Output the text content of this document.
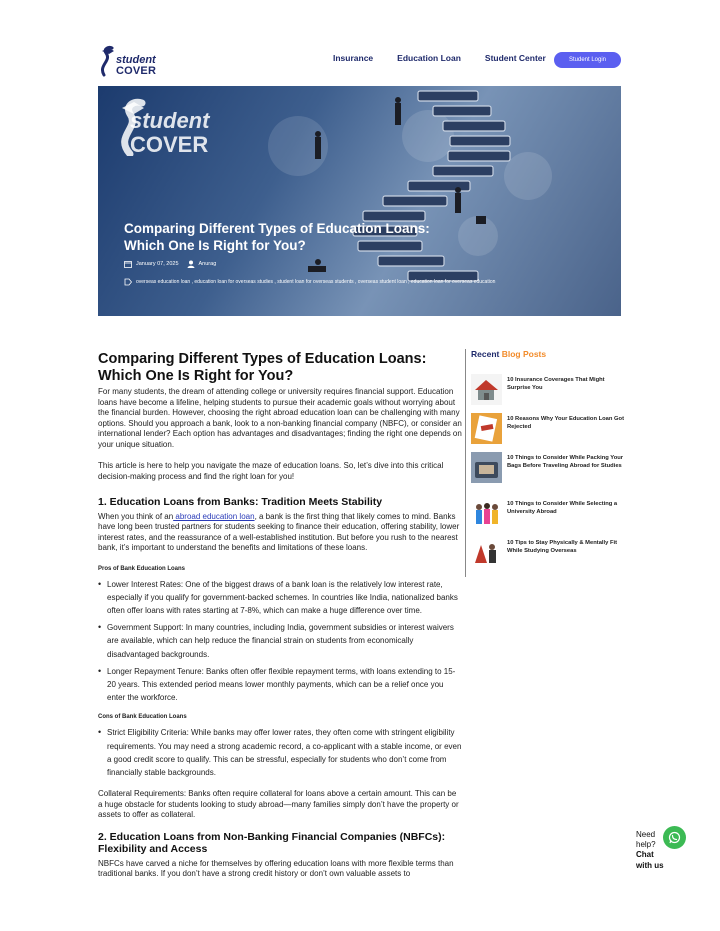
student
COVER
Insurance	Education Loan	Student Center	Student Login
student
COVER
Comparing Different Types of Education Loans: Which One Is Right for You?
January 07, 2025	Anurag
overseas education loan , education loan for overseas studies , student loan for overseas students , overseas student loan , education loan for overseas education
Comparing Different Types of Education Loans: Which One Is Right for You?

For many students, the dream of attending college or university requires financial support. Education loans have become a lifeline, helping students to pursue their academic goals without worrying about the financial burden. However, choosing the right abroad education loan can be challenging with many options. Should you approach a bank, look to a non-banking financial company (NBFC), or consider an international lender? Each option has advantages and disadvantages; finding the right one depends on your unique situation.

This article is here to help you navigate the maze of education loans. So, let’s dive into this critical decision-making process and find the right loan for you!

1. Education Loans from Banks: Tradition Meets Stability

When you think of an abroad education loan, a bank is the first thing that likely comes to mind. Banks have long been trusted partners for students seeking to finance their education, offering stability, lower interest rates, and the reassurance of a well-established institution. But before you rush to the nearest bank, it’s important to understand the benefits and limitations of these loans.

Pros of Bank Education Loans
• Lower Interest Rates: One of the biggest draws of a bank loan is the relatively low interest rate, especially if you qualify for government-backed schemes. In countries like India, nationalized banks often offer loans with rates starting at 7-8%, which can make a huge difference over time.
• Government Support: In many countries, including India, government subsidies or interest waivers are available, which can help reduce the financial strain on students from economically disadvantaged backgrounds.
• Longer Repayment Tenure: Banks often offer flexible repayment terms, with loans extending to 15-20 years. This extended period means lower monthly payments, which can be a relief once you enter the workforce.
Cons of Bank Education Loans
• Strict Eligibility Criteria: While banks may offer lower rates, they often come with stringent eligibility requirements. You may need a strong academic record, a co-applicant with a stable income, or even a good credit score to qualify. This can be stressful, especially for students who don’t come from financially stable backgrounds.

Collateral Requirements: Banks often require collateral for loans above a certain amount. This can be a huge obstacle for students looking to study abroad—many families simply don’t have the property or assets to offer as collateral.

2. Education Loans from Non-Banking Financial Companies (NBFCs): Flexibility and Access

NBFCs have carved a niche for themselves by offering education loans with more flexible terms than traditional banks. If you don’t have a strong credit history or don’t own valuable assets to

Recent Blog Posts
10 Insurance Coverages That Might Surprise You
10 Reasons Why Your Education Loan Got Rejected
10 Things to Consider While Packing Your Bags Before Traveling Abroad for Studies
10 Things to Consider While Selecting a University Abroad
10 Tips to Stay Physically & Mentally Fit While Studying Overseas
Need help?
Chat with us
